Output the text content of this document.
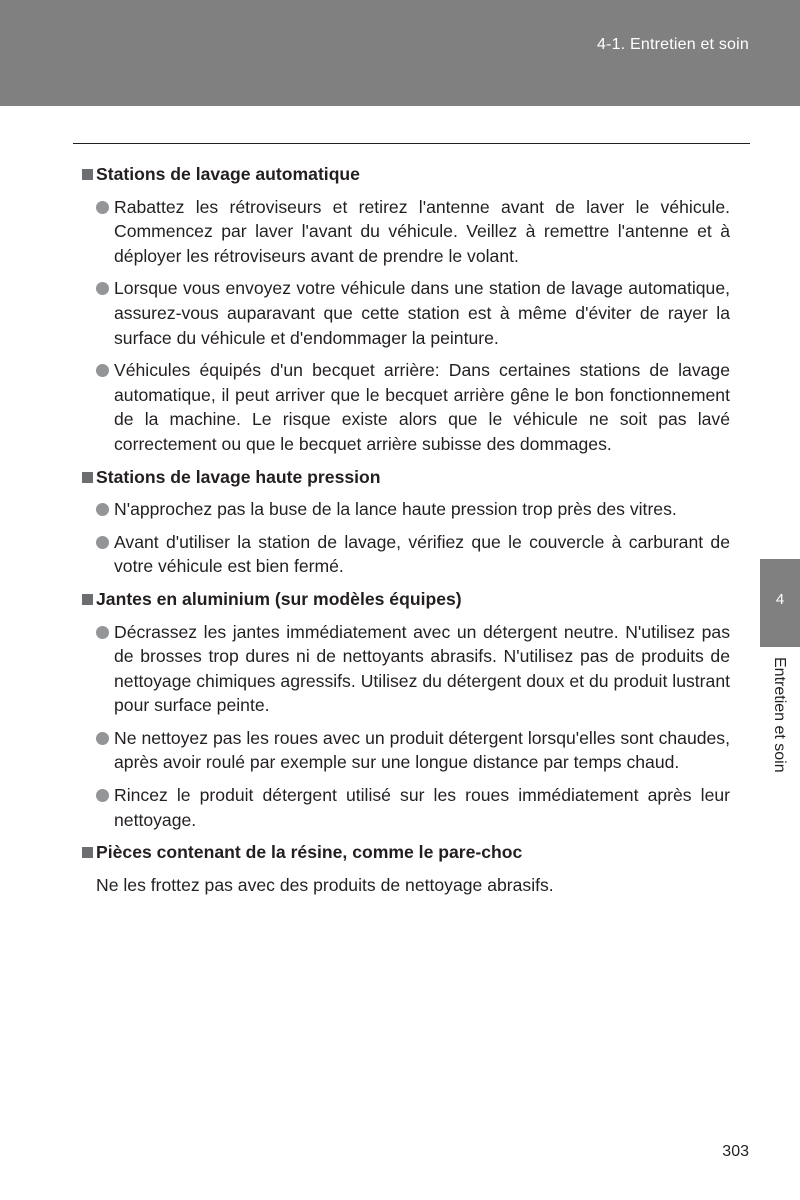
4-1. Entretien et soin
Stations de lavage automatique
Rabattez les rétroviseurs et retirez l'antenne avant de laver le véhicule. Commencez par laver l'avant du véhicule. Veillez à remettre l'antenne et à déployer les rétroviseurs avant de prendre le volant.
Lorsque vous envoyez votre véhicule dans une station de lavage automatique, assurez-vous auparavant que cette station est à même d'éviter de rayer la surface du véhicule et d'endommager la peinture.
Véhicules équipés d'un becquet arrière: Dans certaines stations de lavage automatique, il peut arriver que le becquet arrière gêne le bon fonctionnement de la machine. Le risque existe alors que le véhicule ne soit pas lavé correctement ou que le becquet arrière subisse des dommages.
Stations de lavage haute pression
N'approchez pas la buse de la lance haute pression trop près des vitres.
Avant d'utiliser la station de lavage, vérifiez que le couvercle à carburant de votre véhicule est bien fermé.
Jantes en aluminium (sur modèles équipes)
Décrassez les jantes immédiatement avec un détergent neutre. N'utilisez pas de brosses trop dures ni de nettoyants abrasifs. N'utilisez pas de produits de nettoyage chimiques agressifs. Utilisez du détergent doux et du produit lustrant pour surface peinte.
Ne nettoyez pas les roues avec un produit détergent lorsqu'elles sont chaudes, après avoir roulé par exemple sur une longue distance par temps chaud.
Rincez le produit détergent utilisé sur les roues immédiatement après leur nettoyage.
Pièces contenant de la résine, comme le pare-choc

Ne les frottez pas avec des produits de nettoyage abrasifs.

4
Entretien et soin
303
